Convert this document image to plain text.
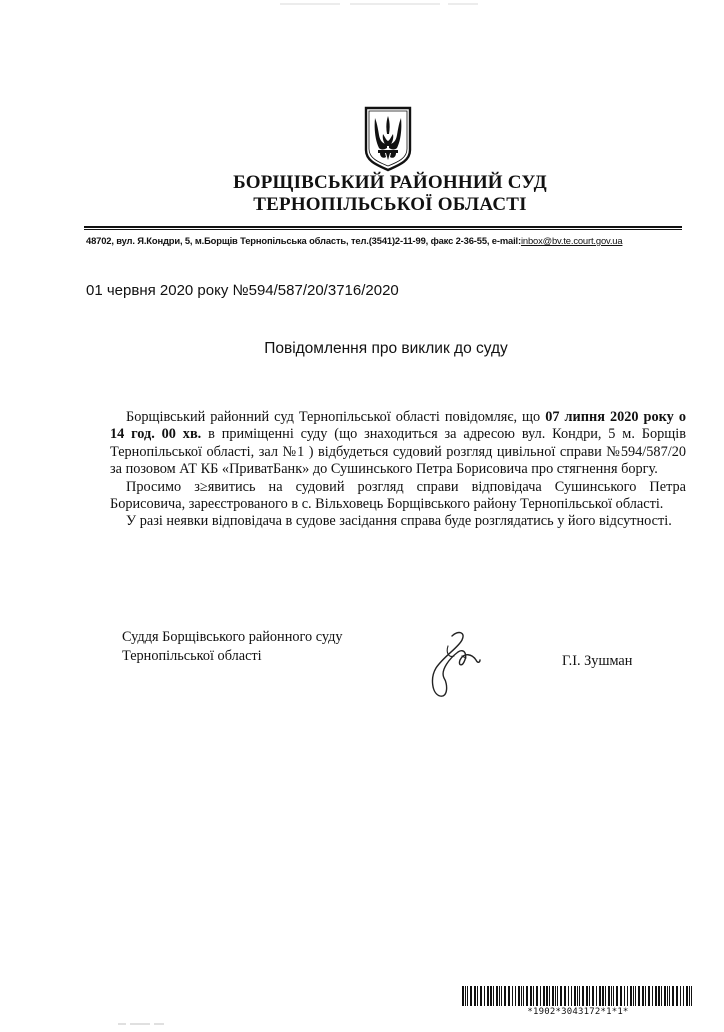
БОРЩІВСЬКИЙ РАЙОННИЙ СУД
ТЕРНОПІЛЬСЬКОЇ ОБЛАСТІ
48702, вул. Я.Кондри, 5, м.Борщів Тернопільська область, тел.(3541)2-11-99, факс 2-36-55, e-mail:inbox@bv.te.court.gov.ua
01 червня 2020 року №594/587/20/3716/2020
Повідомлення про виклик до суду

Борщівський районний суд Тернопільської області повідомляє, що 07 липня 2020 року о 14 год. 00 хв. в приміщенні суду (що знаходиться за адресою вул. Кондри, 5 м. Борщів Тернопільської області, зал №1 ) відбудеться судовий розгляд цивільної справи №594/587/20 за позовом АТ КБ «ПриватБанк» до Сушинського Петра Борисовича про стягнення боргу.

Просимо з≥явитись на судовий розгляд справи відповідача Сушинського Петра Борисовича, зареєстрованого в с. Вільховець Борщівського району Тернопільської області.

У разі неявки відповідача в судове засідання справа буде розглядатись у його відсутності.

Суддя Борщівського районного суду
Тернопільської області	Г.І. Зушман
*1902*3043172*1*1*
